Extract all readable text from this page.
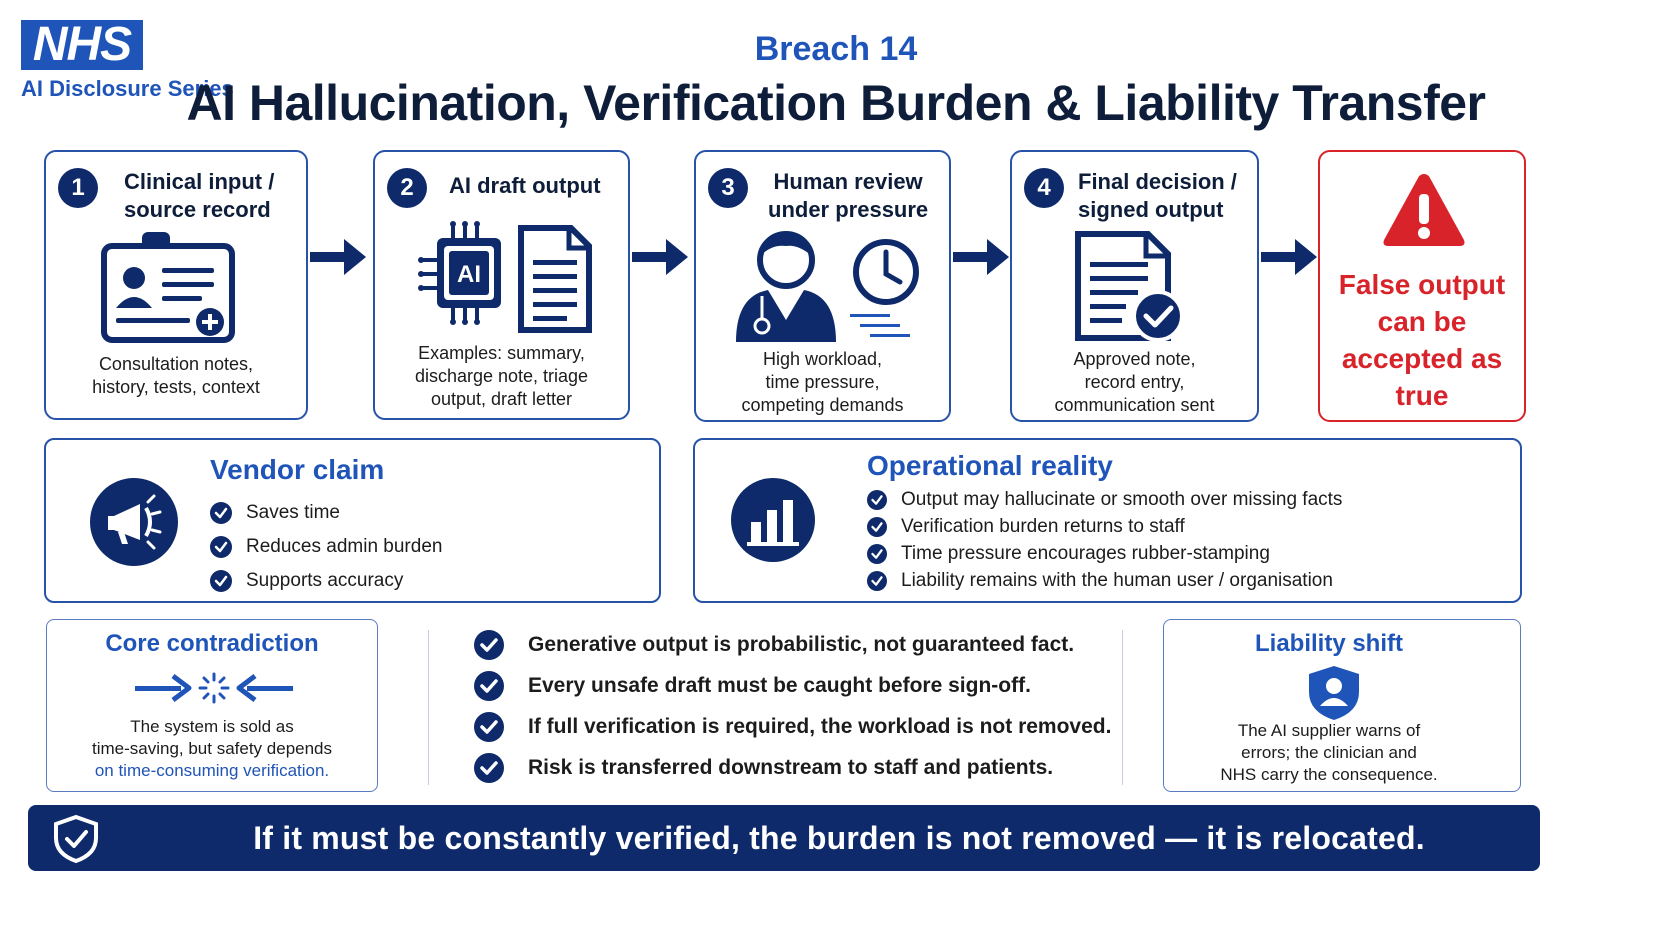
NHS
AI Disclosure Series
Breach 14
AI Hallucination, Verification Burden & Liability Transfer
1	Clinical input /
source record
Consultation notes,
history, tests, context
2	AI draft output
AI
Examples: summary,
discharge note, triage
output, draft letter
3	Human review
under pressure
High workload,
time pressure,
competing demands
4	Final decision /
signed output
Approved note,
record entry,
communication sent
False output
can be
accepted as true
Vendor claim
Saves time
Reduces admin burden
Supports accuracy
Operational reality
Output may hallucinate or smooth over missing facts
Verification burden returns to staff
Time pressure encourages rubber-stamping
Liability remains with the human user / organisation
Core contradiction
The system is sold as
time-saving, but safety depends
on time-consuming verification.
Generative output is probabilistic, not guaranteed fact.
Every unsafe draft must be caught before sign-off.
If full verification is required, the workload is not removed.
Risk is transferred downstream to staff and patients.
Liability shift
The AI supplier warns of
errors; the clinician and
NHS carry the consequence.
If it must be constantly verified, the burden is not removed — it is relocated.
